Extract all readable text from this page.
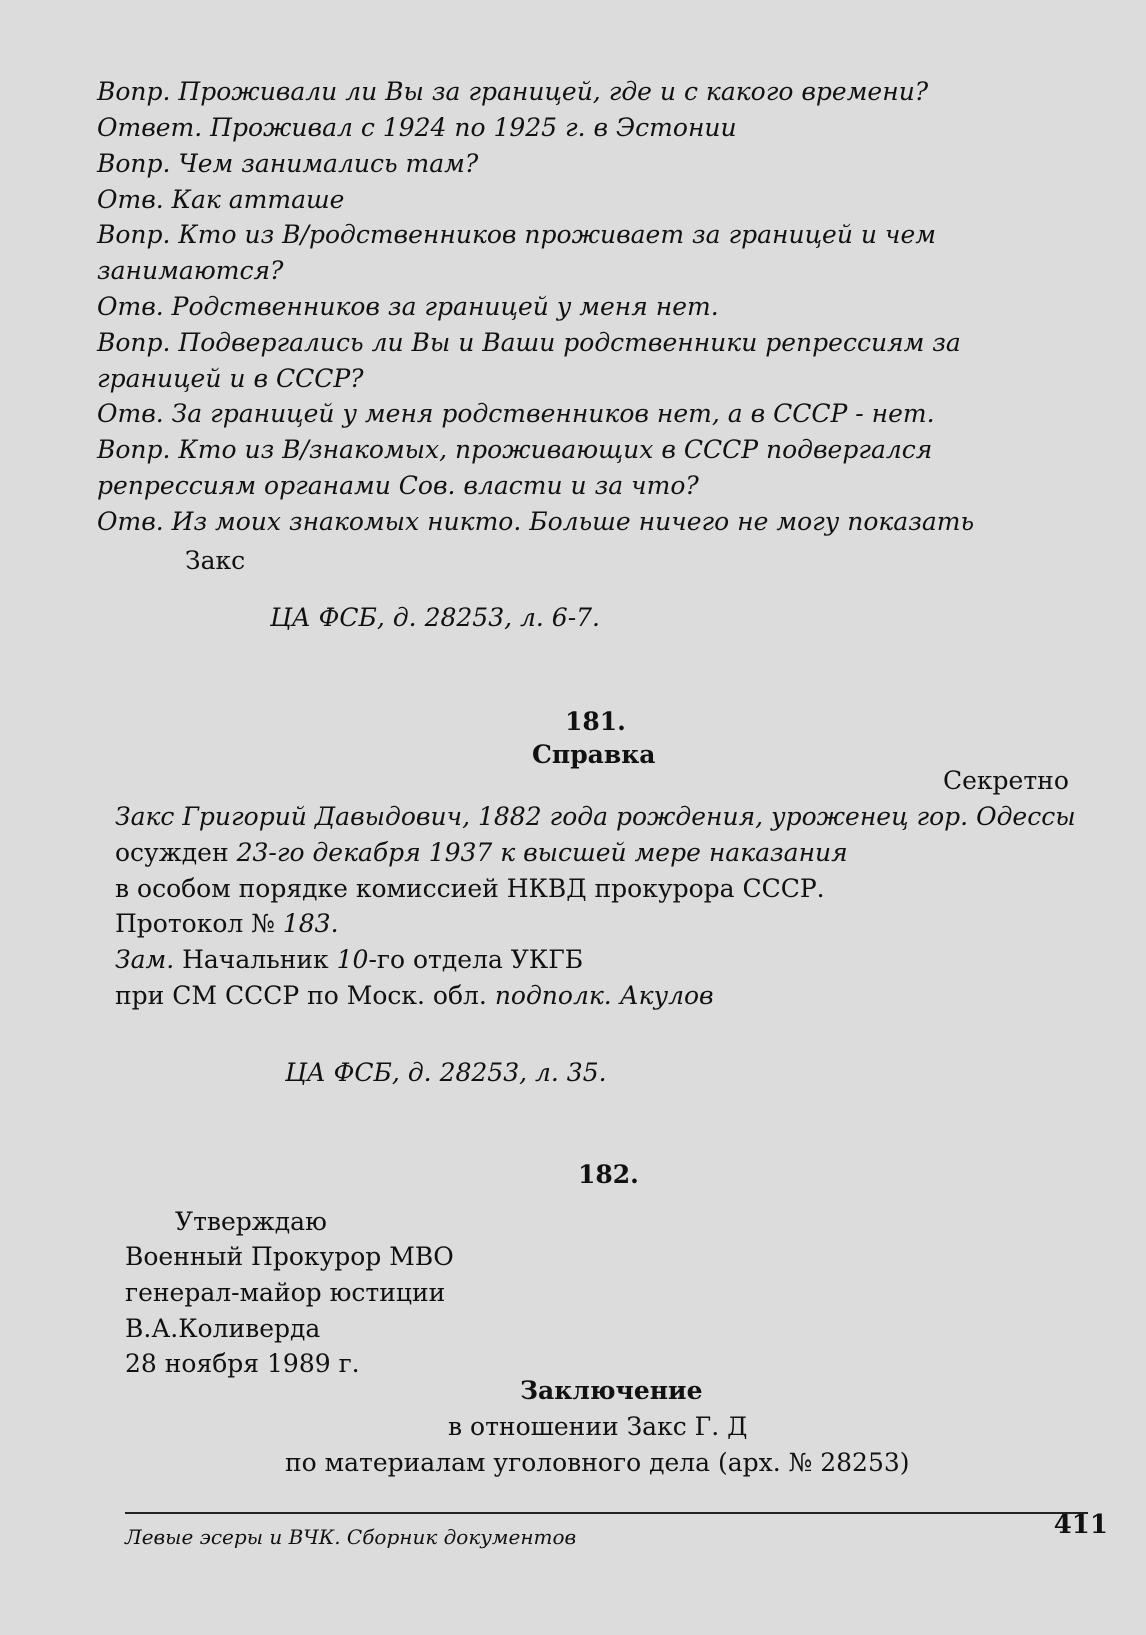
Вопр. Проживали ли Вы за границей, где и с какого времени?
Ответ. Проживал с 1924 по 1925 г. в Эстонии
Вопр. Чем занимались там?
Отв. Как атташе
Вопр. Кто из В/родственников проживает за границей и чем
занимаются?
Отв. Родственников за границей у меня нет.
Вопр. Подвергались ли Вы и Ваши родственники репрессиям за
границей и в СССР?
Отв. За границей у меня родственников нет, а в СССР - нет.
Вопр. Кто из В/знакомых, проживающих в СССР подвергался
репрессиям органами Сов. власти и за что?
Отв. Из моих знакомых никто. Больше ничего не могу показать
Закс
ЦА ФСБ, д. 28253, л. 6-7.
181.
Справка
Секретно
Закс Григорий Давыдович, 1882 года рождения, уроженец гор. Одессы
осужден 23-го декабря 1937 к высшей мере наказания
в особом порядке комиссией НКВД прокурора СССР.
Протокол № 183.
Зам. Начальник 10-го отдела УКГБ
при СМ СССР по Моск. обл. подполк. Акулов
ЦА ФСБ, д. 28253, л. 35.
182.
Утверждаю
Военный Прокурор МВО
генерал-майор юстиции
В.А.Коливерда
28 ноября 1989 г.
Заключение
в отношении Закс Г. Д
по материалам уголовного дела (арх. № 28253)
Левые эсеры и ВЧК. Сборник документов	411
